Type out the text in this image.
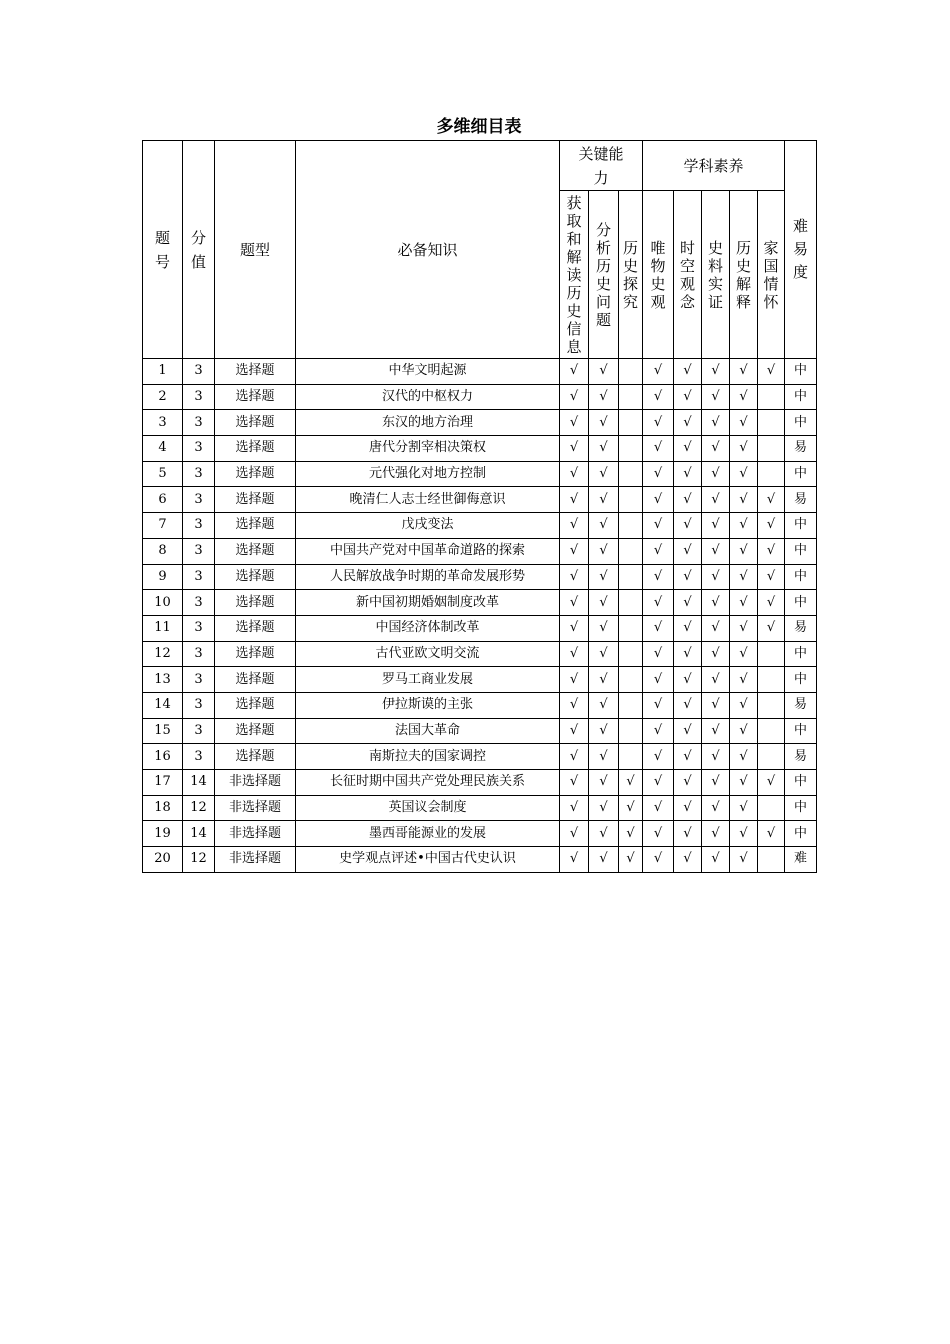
多维细目表
题号	分值	题型	必备知识	关键能力			学科素养					难易度
				获取和解读历史信息	分析历史问题	历史探究	唯物史观	时空观念	史料实证	历史解释	家国情怀	
1	3	选择题	中华文明起源	√	√		√	√	√	√	√	中
2	3	选择题	汉代的中枢权力	√	√		√	√	√	√		中
3	3	选择题	东汉的地方治理	√	√		√	√	√	√		中
4	3	选择题	唐代分割宰相决策权	√	√		√	√	√	√		易
5	3	选择题	元代强化对地方控制	√	√		√	√	√	√		中
6	3	选择题	晚清仁人志士经世御侮意识	√	√		√	√	√	√	√	易
7	3	选择题	戊戌变法	√	√		√	√	√	√	√	中
8	3	选择题	中国共产党对中国革命道路的探索	√	√		√	√	√	√	√	中
9	3	选择题	人民解放战争时期的革命发展形势	√	√		√	√	√	√	√	中
10	3	选择题	新中国初期婚姻制度改革	√	√		√	√	√	√	√	中
11	3	选择题	中国经济体制改革	√	√		√	√	√	√	√	易
12	3	选择题	古代亚欧文明交流	√	√		√	√	√	√		中
13	3	选择题	罗马工商业发展	√	√		√	√	√	√		中
14	3	选择题	伊拉斯谟的主张	√	√		√	√	√	√		易
15	3	选择题	法国大革命	√	√		√	√	√	√		中
16	3	选择题	南斯拉夫的国家调控	√	√		√	√	√	√		易
17	14	非选择题	长征时期中国共产党处理民族关系	√	√	√	√	√	√	√	√	中
18	12	非选择题	英国议会制度	√	√	√	√	√	√	√		中
19	14	非选择题	墨西哥能源业的发展	√	√	√	√	√	√	√	√	中
20	12	非选择题	史学观点评述•中国古代史认识	√	√	√	√	√	√	√		难
